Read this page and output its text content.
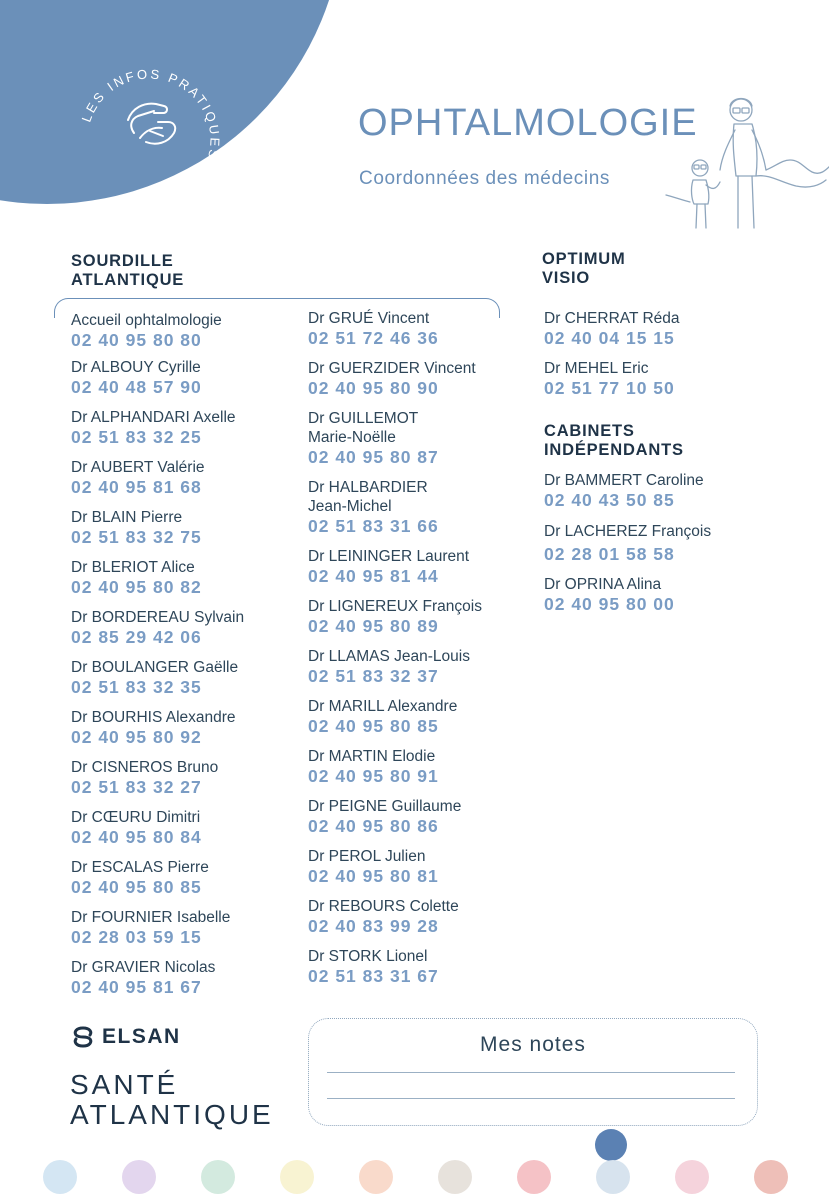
LES INFOS PRATIQUES
OPHTALMOLOGIE
Coordonnées des médecins
SOURDILLE
ATLANTIQUE
OPTIMUM
VISIO
CABINETS
INDÉPENDANTS
Accueil ophtalmologie
02 40 95 80 80
Dr ALBOUY Cyrille
02 40 48 57 90
Dr ALPHANDARI Axelle
02 51 83 32 25
Dr AUBERT Valérie
02 40 95 81 68
Dr BLAIN Pierre
02 51 83 32 75
Dr BLERIOT Alice
02 40 95 80 82
Dr BORDEREAU Sylvain
02 85 29 42 06
Dr BOULANGER Gaëlle
02 51 83 32 35
Dr BOURHIS Alexandre
02 40 95 80 92
Dr CISNEROS Bruno
02 51 83 32 27
Dr CŒURU Dimitri
02 40 95 80 84
Dr ESCALAS Pierre
02 40 95 80 85
Dr FOURNIER Isabelle
02 28 03 59 15
Dr GRAVIER Nicolas
02 40 95 81 67
Dr GRUÉ Vincent
02 51 72 46 36
Dr GUERZIDER Vincent
02 40 95 80 90
Dr GUILLEMOT
Marie-Noëlle
02 40 95 80 87
Dr HALBARDIER
Jean-Michel
02 51 83 31 66
Dr LEININGER Laurent
02 40 95 81 44
Dr LIGNEREUX François
02 40 95 80 89
Dr LLAMAS Jean-Louis
02 51 83 32 37
Dr MARILL Alexandre
02 40 95 80 85
Dr MARTIN Elodie
02 40 95 80 91
Dr PEIGNE Guillaume
02 40 95 80 86
Dr PEROL Julien
02 40 95 80 81
Dr REBOURS Colette
02 40 83 99 28
Dr STORK Lionel
02 51 83 31 67
Dr CHERRAT Réda
02 40 04 15 15
Dr MEHEL Eric
02 51 77 10 50
Dr BAMMERT Caroline
02 40 43 50 85
Dr LACHEREZ François
02 28 01 58 58
Dr OPRINA Alina
02 40 95 80 00
ELSAN
SANTÉ
ATLANTIQUE
Mes notes
